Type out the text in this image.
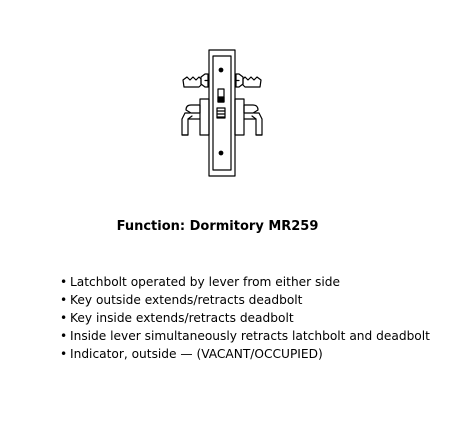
Function: Dormitory MR259
• Latchbolt operated by lever from either side
• Key outside extends/retracts deadbolt
• Key inside extends/retracts deadbolt
• Inside lever simultaneously retracts latchbolt and deadbolt
• Indicator, outside — (VACANT/OCCUPIED)
